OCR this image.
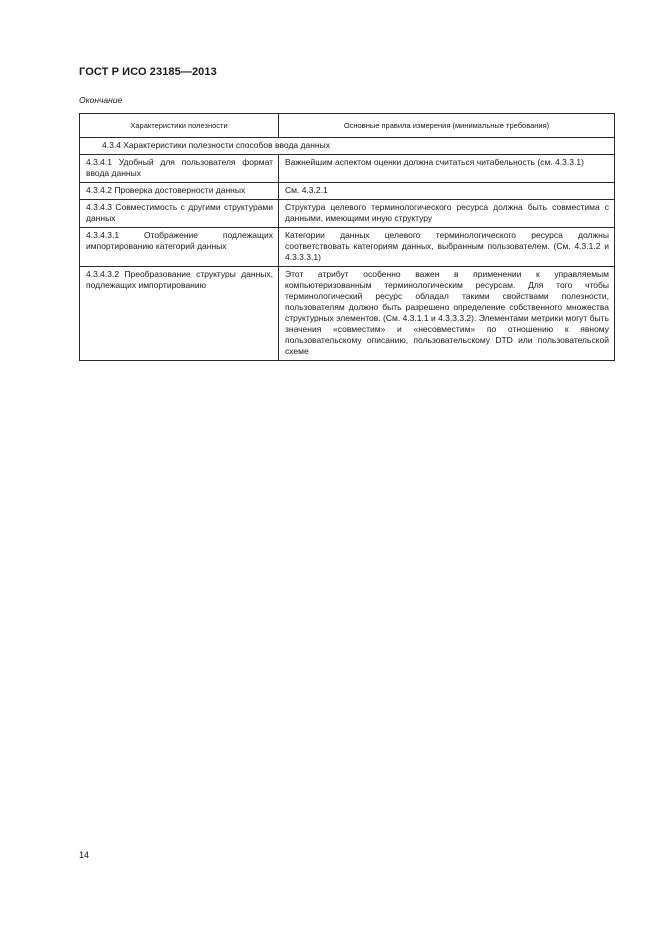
ГОСТ Р ИСО 23185—2013
Окончание
Характеристики полезности	Основные правила измерения (минимальные требования)
4.3.4 Характеристики полезности способов ввода данных	
4.3.4.1 Удобный для пользователя формат ввода данных	Важнейшим аспектом оценки должна считаться читабельность (см. 4.3.3.1)
4.3.4.2 Проверка достоверности данных	См. 4.3.2.1
4.3.4.3 Совместимость с другими структурами данных	Структура целевого терминологического ресурса должна быть совместима с данными, имеющими иную структуру
4.3.4.3.1 Отображение подлежащих импортированию категорий данных	Категории данных целевого терминологического ресурса должны соответствовать категориям данных, выбранным пользователем. (См. 4.3.1.2 и 4.3.3.3.1)
4.3.4.3.2 Преобразование структуры данных, подлежащих импортированию	Этот атрибут особенно важен в применении к управляемым компьютеризованным терминологическим ресурсам. Для того чтобы терминологический ресурс обладал такими свойствами полезности, пользователям должно быть разрешено определение собственного множества структурных элементов. (См. 4.3.1.1 и 4.3.3.3.2). Элементами метрики могут быть значения «совместим» и «несовместим» по отношению к явному пользовательскому описанию, пользовательскому DTD или пользовательской схеме
14
